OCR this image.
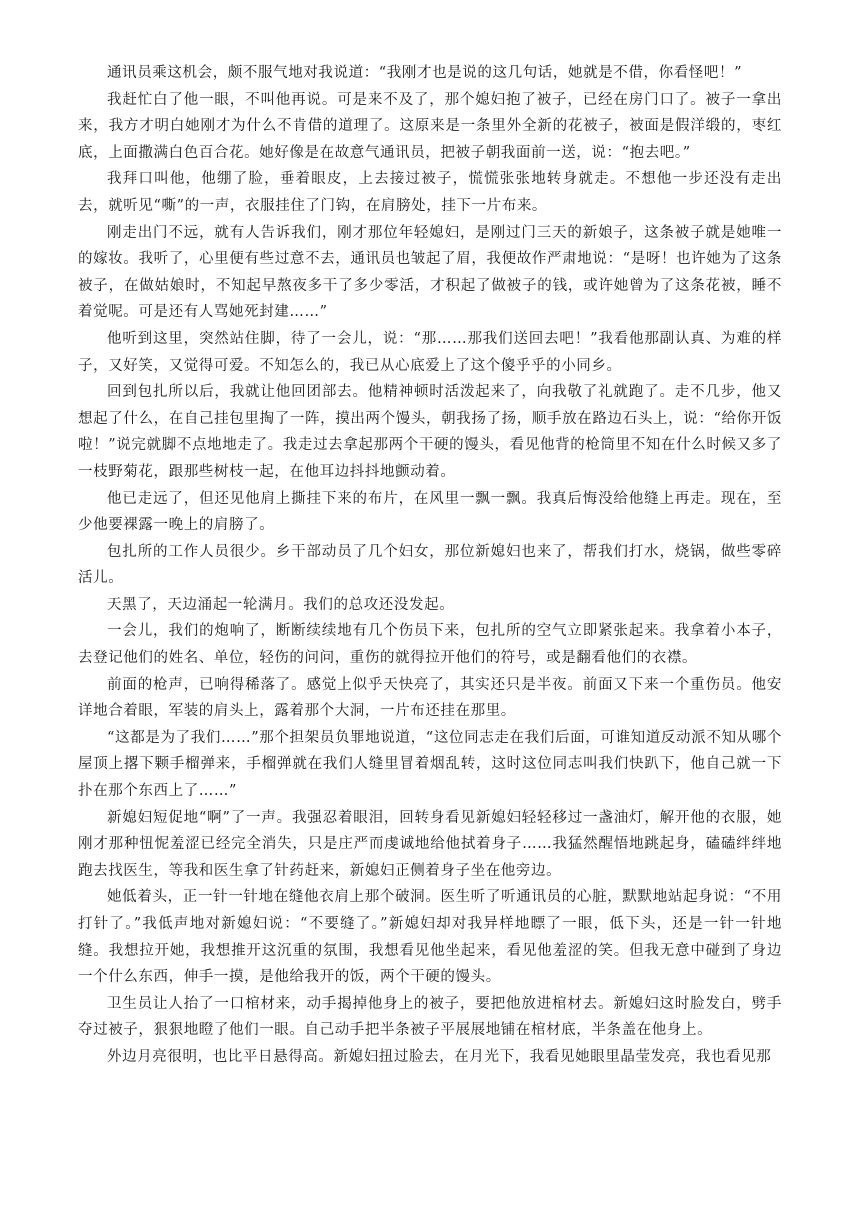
通讯员乘这机会，颇不服气地对我说道：“我刚才也是说的这几句话，她就是不借，你看怪吧！”

我赶忙白了他一眼，不叫他再说。可是来不及了，那个媳妇抱了被子，已经在房门口了。被子一拿出来，我方才明白她刚才为什么不肯借的道理了。这原来是一条里外全新的花被子，被面是假洋缎的，枣红底，上面撒满白色百合花。她好像是在故意气通讯员，把被子朝我面前一送，说：“抱去吧。”

我拜口叫他，他绷了脸，垂着眼皮，上去接过被子，慌慌张张地转身就走。不想他一步还没有走出去，就听见“嘶”的一声，衣服挂住了门钩，在肩膀处，挂下一片布来。

刚走出门不远，就有人告诉我们，刚才那位年轻媳妇，是刚过门三天的新娘子，这条被子就是她唯一的嫁妆。我听了，心里便有些过意不去，通讯员也皱起了眉，我便故作严肃地说：“是呀！也许她为了这条被子，在做姑娘时，不知起早熬夜多干了多少零活，才积起了做被子的钱，或许她曾为了这条花被，睡不着觉呢。可是还有人骂她死封建……”

他听到这里，突然站住脚，待了一会儿，说：“那……那我们送回去吧！”我看他那副认真、为难的样子，又好笑，又觉得可爱。不知怎么的，我已从心底爱上了这个傻乎乎的小同乡。

回到包扎所以后，我就让他回团部去。他精神顿时活泼起来了，向我敬了礼就跑了。走不几步，他又想起了什么，在自己挂包里掏了一阵，摸出两个馒头，朝我扬了扬，顺手放在路边石头上，说：“给你开饭啦！”说完就脚不点地地走了。我走过去拿起那两个干硬的馒头，看见他背的枪筒里不知在什么时候又多了一枝野菊花，跟那些树枝一起，在他耳边抖抖地颤动着。

他已走远了，但还见他肩上撕挂下来的布片，在风里一飘一飘。我真后悔没给他缝上再走。现在，至少他要裸露一晚上的肩膀了。

包扎所的工作人员很少。乡干部动员了几个妇女，那位新媳妇也来了，帮我们打水，烧锅，做些零碎活儿。

天黑了，天边涌起一轮满月。我们的总攻还没发起。

一会儿，我们的炮响了，断断续续地有几个伤员下来，包扎所的空气立即紧张起来。我拿着小本子，去登记他们的姓名、单位，轻伤的问问，重伤的就得拉开他们的符号，或是翻看他们的衣襟。

前面的枪声，已响得稀落了。感觉上似乎天快亮了，其实还只是半夜。前面又下来一个重伤员。他安详地合着眼，军装的肩头上，露着那个大洞，一片布还挂在那里。

“这都是为了我们……”那个担架员负罪地说道，“这位同志走在我们后面，可谁知道反动派不知从哪个屋顶上撂下颗手榴弹来，手榴弹就在我们人缝里冒着烟乱转，这时这位同志叫我们快趴下，他自己就一下扑在那个东西上了……”

新媳妇短促地“啊”了一声。我强忍着眼泪，回转身看见新媳妇轻轻移过一盏油灯，解开他的衣服，她刚才那种忸怩羞涩已经完全消失，只是庄严而虔诚地给他拭着身子……我猛然醒悟地跳起身，磕磕绊绊地跑去找医生，等我和医生拿了针药赶来，新媳妇正侧着身子坐在他旁边。

她低着头，正一针一针地在缝他衣肩上那个破洞。医生听了听通讯员的心脏，默默地站起身说：“不用打针了。”我低声地对新媳妇说：“不要缝了。”新媳妇却对我异样地瞟了一眼，低下头，还是一针一针地缝。我想拉开她，我想推开这沉重的氛围，我想看见他坐起来，看见他羞涩的笑。但我无意中碰到了身边一个什么东西，伸手一摸，是他给我开的饭，两个干硬的馒头。

卫生员让人抬了一口棺材来，动手揭掉他身上的被子，要把他放进棺材去。新媳妇这时脸发白，劈手夺过被子，狠狠地瞪了他们一眼。自己动手把半条被子平展展地铺在棺材底，半条盖在他身上。

外边月亮很明，也比平日悬得高。新媳妇扭过脸去，在月光下，我看见她眼里晶莹发亮，我也看见那
